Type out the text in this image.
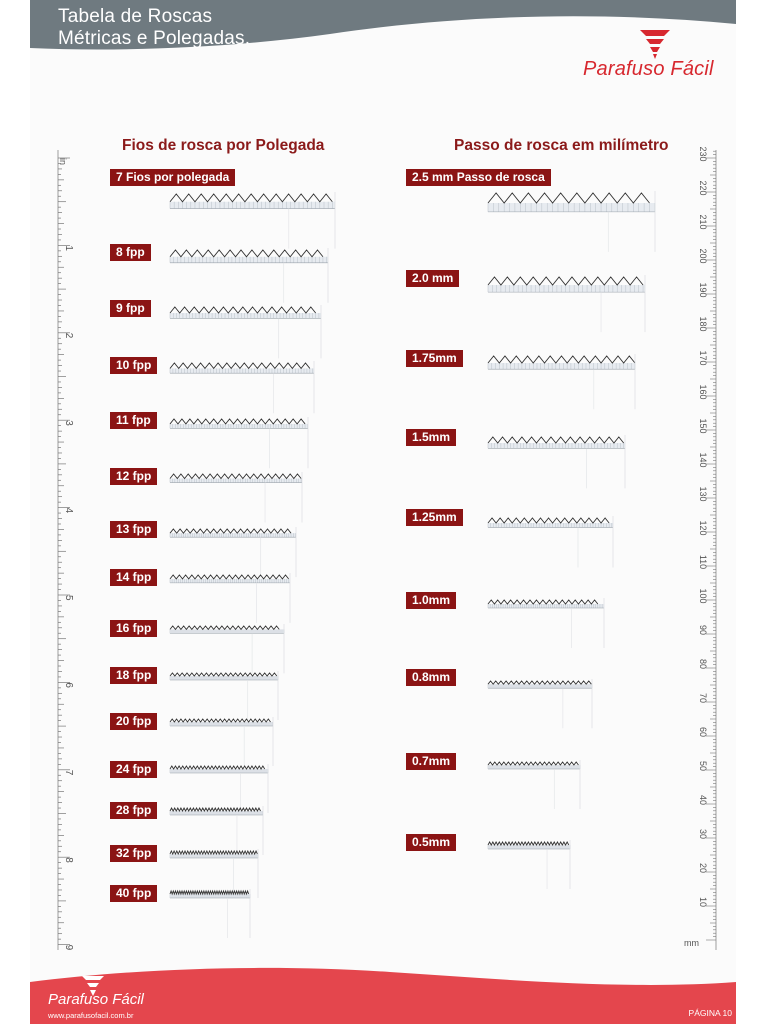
Tabela de Roscas
Métricas e Polegadas.
Parafuso Fácil
Fios de rosca por Polegada	Passo de rosca em milímetro
in
1
2
3
4
5
6
7
8
9
10
20
30
40
50
60
70
80
90
100
110
120
130
140
150
160
170
180
190
200
210
220
230
mm
7 Fios por polegada
8 fpp
9 fpp
10 fpp
11 fpp
12 fpp
13 fpp
14 fpp
16 fpp
18 fpp
20 fpp
24 fpp
28 fpp
32 fpp
40 fpp
2.5 mm Passo de rosca
2.0 mm
1.75mm
1.5mm
1.25mm
1.0mm
0.8mm
0.7mm
0.5mm
Parafuso Fácil
www.parafusofacil.com.br	PÁGINA 10
